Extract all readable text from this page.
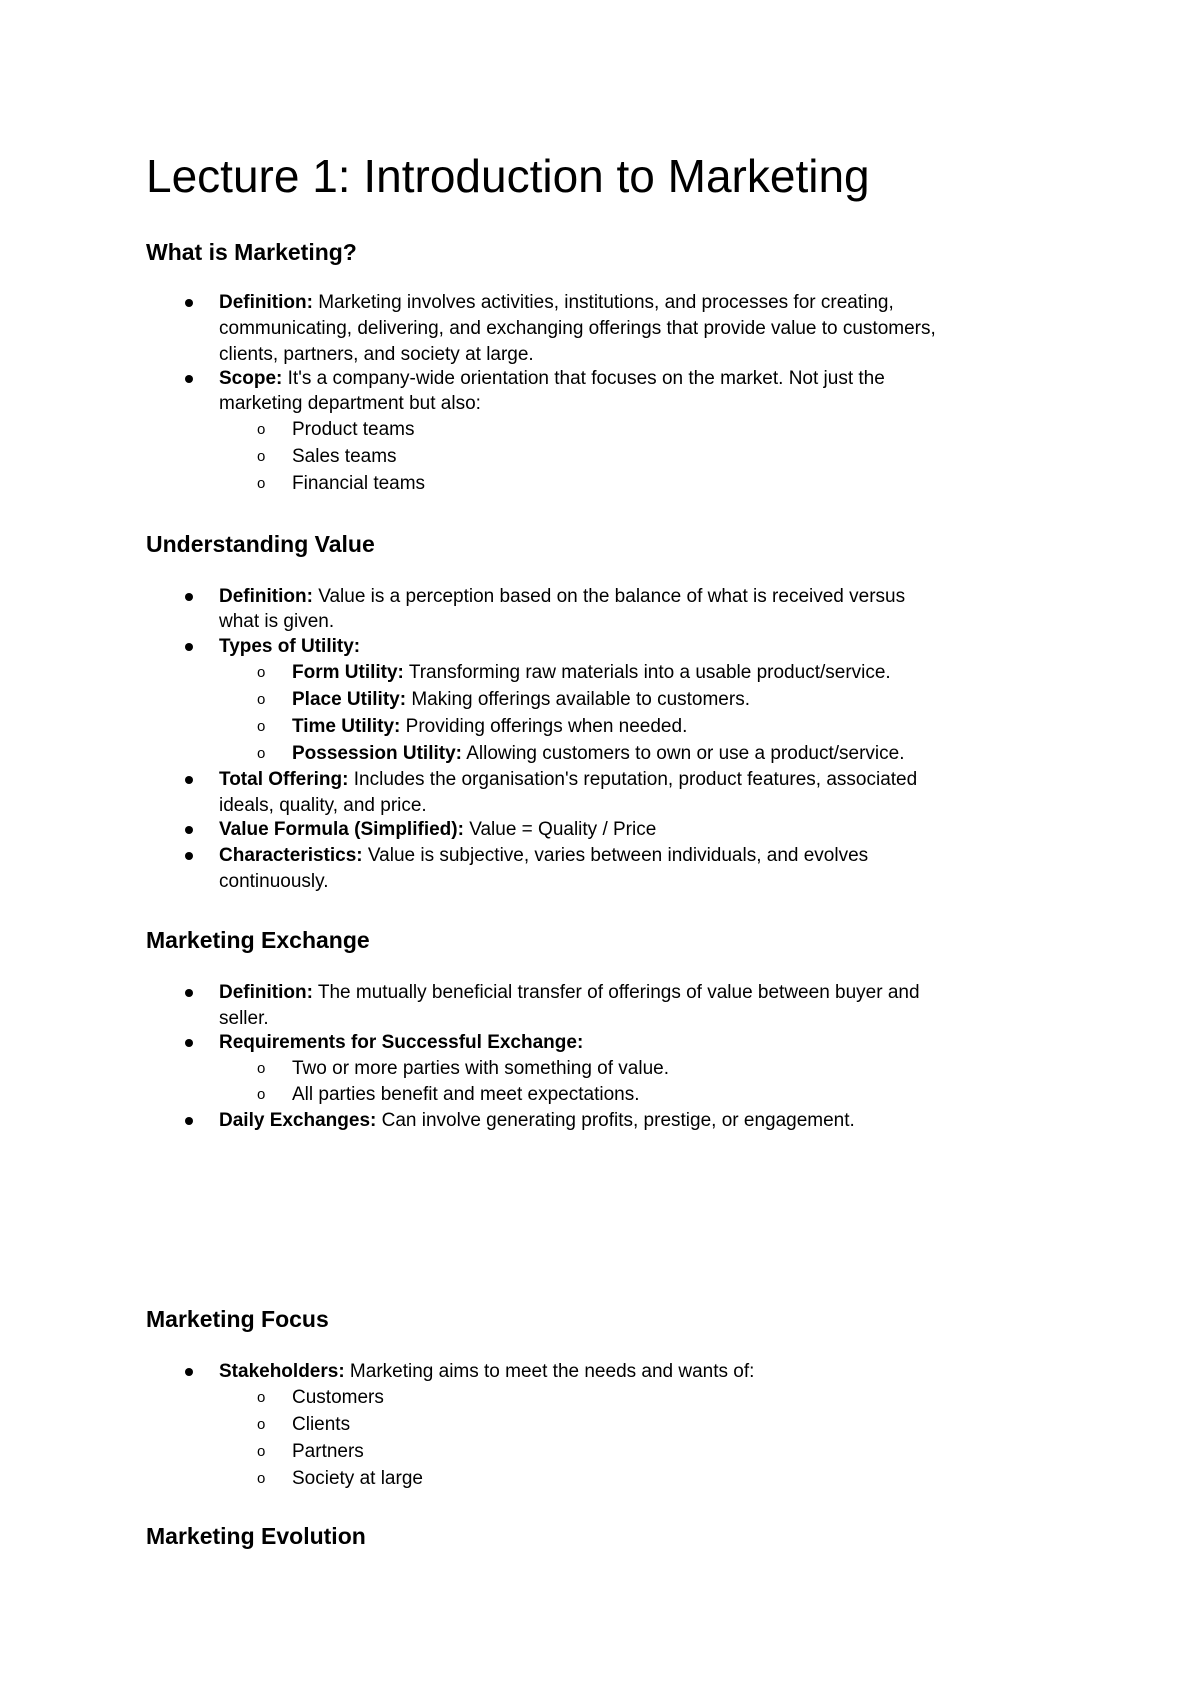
Lecture 1: Introduction to Marketing
What is Marketing?

Definition: Marketing involves activities, institutions, and processes for creating,

communicating, delivering, and exchanging offerings that provide value to customers,

clients, partners, and society at large.

Scope: It's a company-wide orientation that focuses on the market. Not just the

marketing department but also:

o Product teams

o Sales teams

o Financial teams

Understanding Value

Definition: Value is a perception based on the balance of what is received versus

what is given.

Types of Utility:

o Form Utility: Transforming raw materials into a usable product/service.

o Place Utility: Making offerings available to customers.

o Time Utility: Providing offerings when needed.

o Possession Utility: Allowing customers to own or use a product/service.

Total Offering: Includes the organisation's reputation, product features, associated

ideals, quality, and price.

Value Formula (Simplified): Value = Quality / Price

Characteristics: Value is subjective, varies between individuals, and evolves

continuously.

Marketing Exchange

Definition: The mutually beneficial transfer of offerings of value between buyer and

seller.

Requirements for Successful Exchange:

o Two or more parties with something of value.

o All parties benefit and meet expectations.

Daily Exchanges: Can involve generating profits, prestige, or engagement.

Marketing Focus

Stakeholders: Marketing aims to meet the needs and wants of:

o Customers

o Clients

o Partners

o Society at large

Marketing Evolution
